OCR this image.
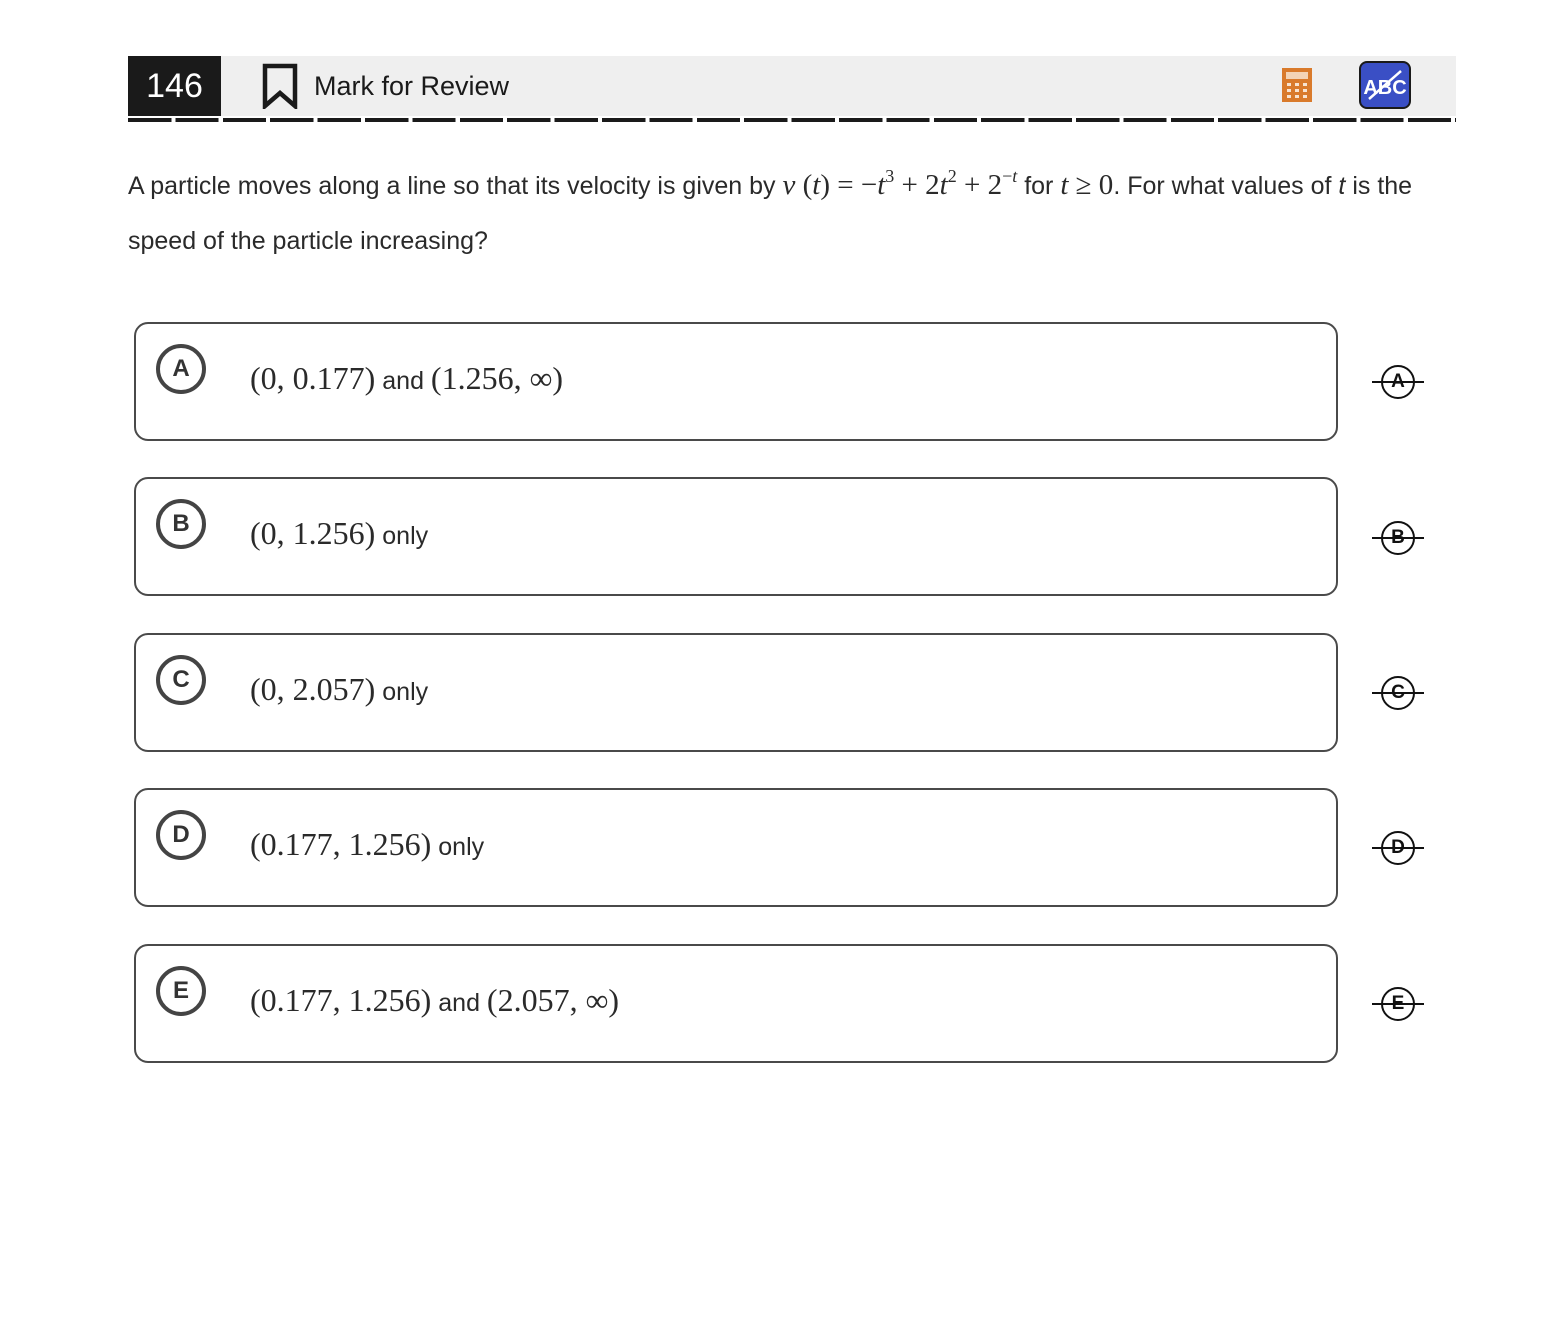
146	Mark for Review	ABC
A particle moves along a line so that its velocity is given by v $(t) = -t^3 + 2t^2 + 2^{-t}$ for t ≥ 0. For what values of t is the speed of the particle increasing?
A	(0, 0.177) and (1.256, ∞)	A
B	(0, 1.256) only	B
C	(0, 2.057) only	C
D	(0.177, 1.256) only	D
E	(0.177, 1.256) and (2.057, ∞)	E
